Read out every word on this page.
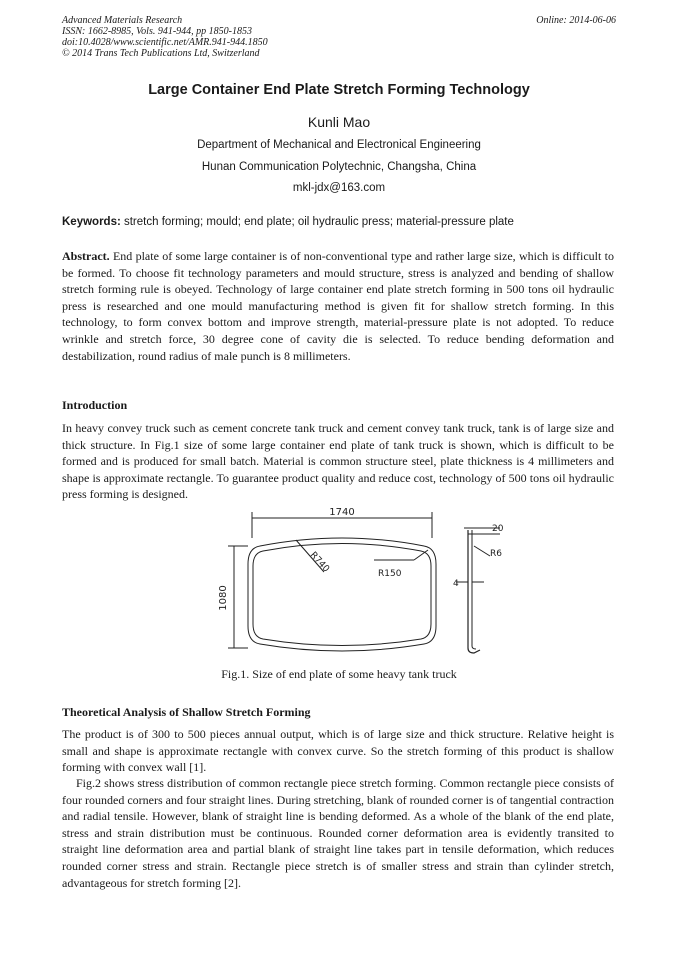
Advanced Materials Research
ISSN: 1662-8985, Vols. 941-944, pp 1850-1853
doi:10.4028/www.scientific.net/AMR.941-944.1850
© 2014 Trans Tech Publications Ltd, Switzerland
Online: 2014-06-06
Large Container End Plate Stretch Forming Technology
Kunli Mao
Department of Mechanical and Electronical Engineering
Hunan Communication Polytechnic, Changsha, China
mkl-jdx@163.com
Keywords: stretch forming; mould; end plate; oil hydraulic press; material-pressure plate
Abstract. End plate of some large container is of non-conventional type and rather large size, which is difficult to be formed. To choose fit technology parameters and mould structure, stress is analyzed and bending of shallow stretch forming rule is obeyed. Technology of large container end plate stretch forming in 500 tons oil hydraulic press is researched and one mould manufacturing method is given fit for shallow stretch forming. In this technology, to form convex bottom and improve strength, material-pressure plate is not adopted. To reduce wrinkle and stretch force, 30 degree cone of cavity die is selected. To reduce bending deformation and destabilization, round radius of male punch is 8 millimeters.
Introduction
In heavy convey truck such as cement concrete tank truck and cement convey tank truck, tank is of large size and thick structure. In Fig.1 size of some large container end plate of tank truck is shown, which is difficult to be formed and is produced for small batch. Material is common structure steel, plate thickness is 4 millimeters and shape is approximate rectangle. To guarantee product quality and reduce cost, technology of 500 tons oil hydraulic press forming is designed.
1740
1080
R740	R150
20
R6
4
Fig.1. Size of end plate of some heavy tank truck
Theoretical Analysis of Shallow Stretch Forming
The product is of 300 to 500 pieces annual output, which is of large size and thick structure. Relative height is small and shape is approximate rectangle with convex curve. So the stretch forming of this product is shallow forming with convex wall [1].
Fig.2 shows stress distribution of common rectangle piece stretch forming. Common rectangle piece consists of four rounded corners and four straight lines. During stretching, blank of rounded corner is of tangential contraction and radial tensile. However, blank of straight line is bending deformed. As a whole of the blank of the end plate, stress and strain distribution must be continuous. Rounded corner deformation area is evidently transited to straight line deformation area and partial blank of straight line takes part in tensile deformation, which reduces rounded corner stress and strain. Rectangle piece stretch is of smaller stress and strain than cylinder stretch, advantageous for stretch forming [2].
